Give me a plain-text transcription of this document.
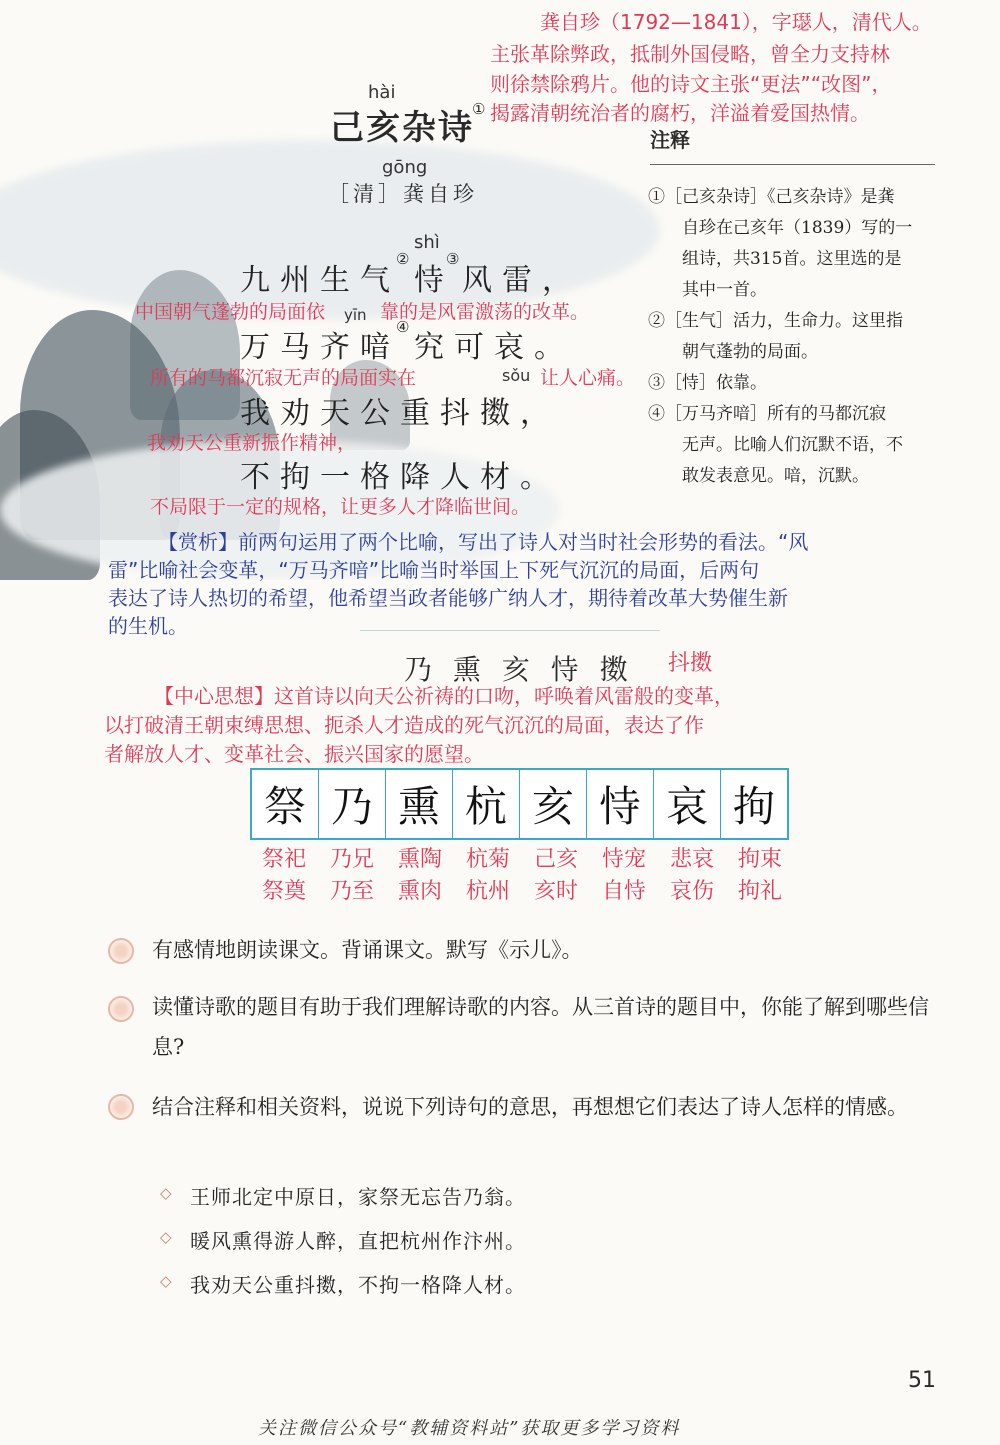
龚自珍（1792—1841），字璱人，清代人。
主张革除弊政，抵制外国侵略，曾全力支持林
则徐禁除鸦片。他的诗文主张“更法”“改图”，
揭露清朝统治者的腐朽，洋溢着爱国热情。
hài
己亥杂诗
①
gōng
［清］龚自珍
注释
①［己亥杂诗］《己亥杂诗》是龚
自珍在己亥年（1839）写的一
组诗，共315首。这里选的是
其中一首。
②［生气］活力，生命力。这里指
朝气蓬勃的局面。
③［恃］依靠。
④［万马齐喑］所有的马都沉寂
无声。比喻人们沉默不语，不
敢发表意见。喑，沉默。
shì
九州生气
②
恃
③
风雷，
中国朝气蓬勃的局面依 yīn 靠的是风雷激荡的改革。
万马齐喑
④
究可哀。
所有的马都沉寂无声的局面实在	sǒu 让人心痛。
我劝天公重抖擞，
我劝天公重新振作精神，
不拘一格降人材。
不局限于一定的规格，让更多人才降临世间。
【赏析】前两句运用了两个比喻，写出了诗人对当时社会形势的看法。“风
雷”比喻社会变革，“万马齐喑”比喻当时举国上下死气沉沉的局面，后两句
表达了诗人热切的希望，他希望当政者能够广纳人才，期待着改革大势催生新
的生机。
乃 熏 亥 恃 擞 抖擞
【中心思想】这首诗以向天公祈祷的口吻，呼唤着风雷般的变革，
以打破清王朝束缚思想、扼杀人才造成的死气沉沉的局面，表达了作
者解放人才、变革社会、振兴国家的愿望。
祭 乃 熏 杭 亥 恃 哀 拘
祭祀	乃兄	熏陶	杭菊	己亥	恃宠	悲哀	拘束
祭奠	乃至	熏肉	杭州	亥时	自恃	哀伤	拘礼
有感情地朗读课文。背诵课文。默写《示儿》。
读懂诗歌的题目有助于我们理解诗歌的内容。从三首诗的题目中，你能了解到哪些信息?
结合注释和相关资料，说说下列诗句的意思，再想想它们表达了诗人怎样的情感。
◇ 王师北定中原日，家祭无忘告乃翁。
◇ 暖风熏得游人醉，直把杭州作汴州。
◇ 我劝天公重抖擞，不拘一格降人材。
51
关注微信公众号“教辅资料站”获取更多学习资料
